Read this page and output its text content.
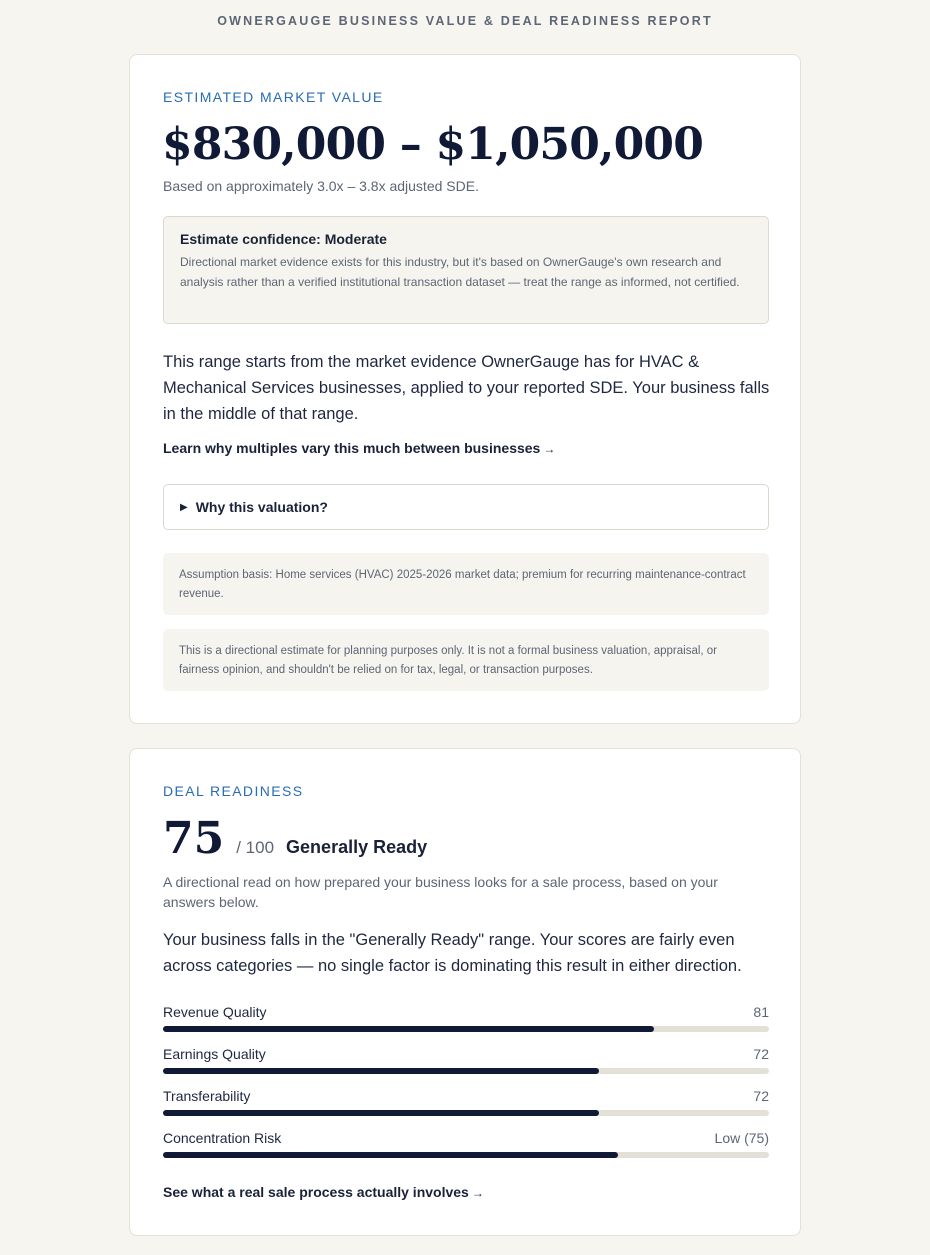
OWNERGAUGE BUSINESS VALUE & DEAL READINESS REPORT
ESTIMATED MARKET VALUE
$830,000 – $1,050,000
Based on approximately 3.0x – 3.8x adjusted SDE.
Estimate confidence: Moderate
Directional market evidence exists for this industry, but it's based on OwnerGauge's own research and analysis rather than a verified institutional transaction dataset — treat the range as informed, not certified.
This range starts from the market evidence OwnerGauge has for HVAC & Mechanical Services businesses, applied to your reported SDE. Your business falls in the middle of that range.
Learn why multiples vary this much between businesses →
▶ Why this valuation?
Assumption basis: Home services (HVAC) 2025-2026 market data; premium for recurring maintenance-contract revenue.
This is a directional estimate for planning purposes only. It is not a formal business valuation, appraisal, or fairness opinion, and shouldn't be relied on for tax, legal, or transaction purposes.
DEAL READINESS
75 / 100 Generally Ready
A directional read on how prepared your business looks for a sale process, based on your answers below.
Your business falls in the "Generally Ready" range. Your scores are fairly even across categories — no single factor is dominating this result in either direction.
Revenue Quality	81
Earnings Quality	72
Transferability	72
Concentration Risk	Low (75)
See what a real sale process actually involves →
